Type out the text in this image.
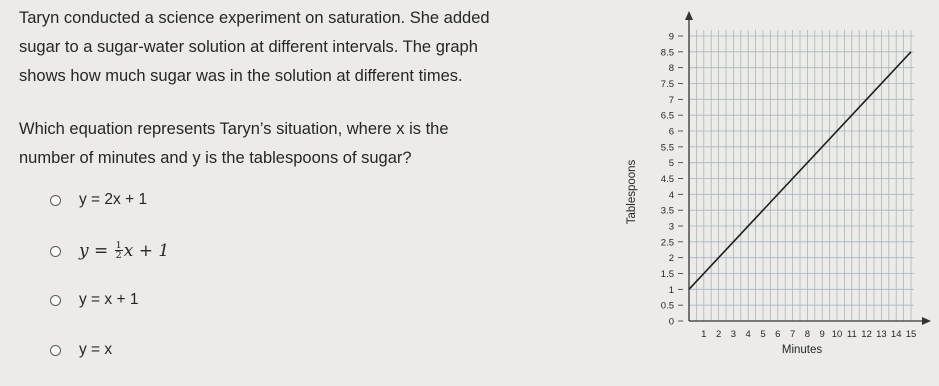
Taryn conducted a science experiment on saturation. She added

sugar to a sugar-water solution at different intervals. The graph

shows how much sugar was in the solution at different times.

Which equation represents Taryn’s situation, where x is the

number of minutes and y is the tablespoons of sugar?

y = 2x + 1
$y = \frac{1}{2}$ x + 1
y = x + 1
y = x
0
0.5
1
1.5
2
2.5
3
3.5
4
4.5
5
5.5
6
6.5
7
7.5
8
8.5
9
1 2 3 4 5 6 7 8 9 10 11 12 13 14 15
Minutes
Tablespoons
